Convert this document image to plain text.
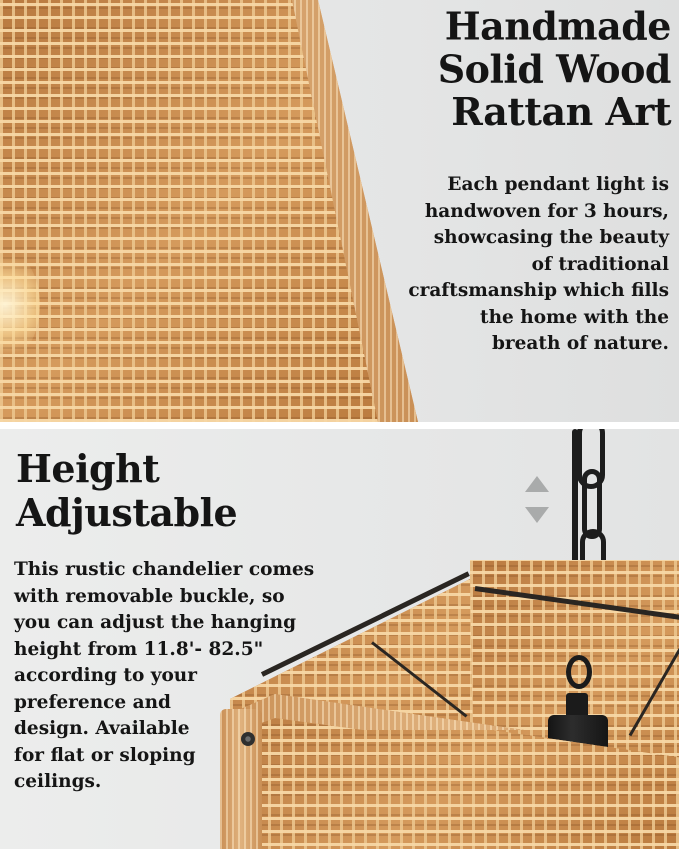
Handmade
Solid Wood
Rattan Art
Each pendant light is
handwoven for 3 hours,
showcasing the beauty
of traditional
craftsmanship which fills
the home with the
breath of nature.
Height
Adjustable
This rustic chandelier comes
with removable buckle, so
you can adjust the hanging
height from 11.8'- 82.5"
according to your
preference and
design. Available
for flat or sloping
ceilings.
